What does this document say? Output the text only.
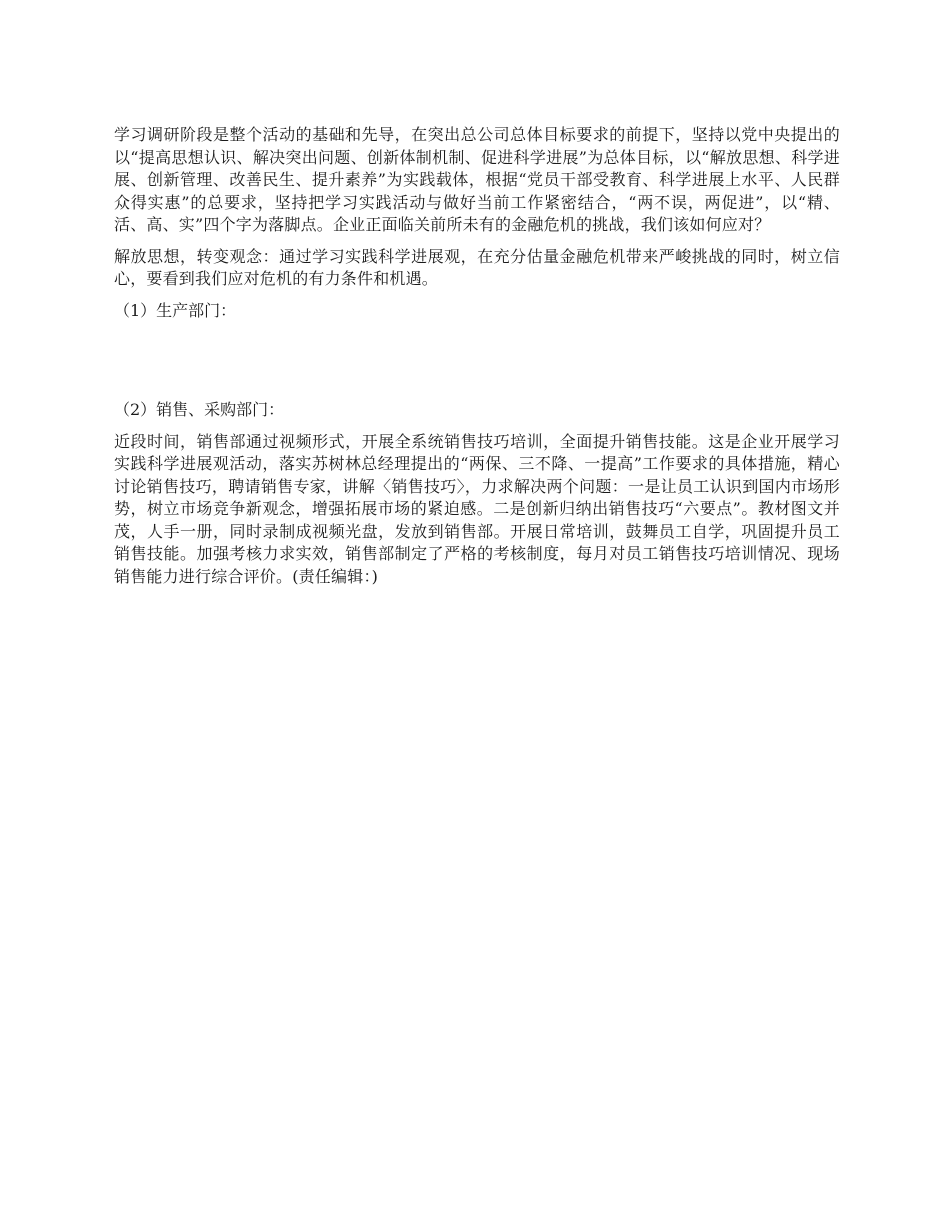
学习调研阶段是整个活动的基础和先导，在突出总公司总体目标要求的前提下，坚持以党中央提出的以“提高思想认识、解决突出问题、创新体制机制、促进科学进展”为总体目标，以“解放思想、科学进展、创新管理、改善民生、提升素养”为实践载体，根据“党员干部受教育、科学进展上水平、人民群众得实惠”的总要求，坚持把学习实践活动与做好当前工作紧密结合，“两不误，两促进”，以“精、活、高、实”四个字为落脚点。企业正面临关前所未有的金融危机的挑战，我们该如何应对？

解放思想，转变观念：通过学习实践科学进展观，在充分估量金融危机带来严峻挑战的同时，树立信心，要看到我们应对危机的有力条件和机遇。

（1）生产部门：

（2）销售、采购部门：

近段时间，销售部通过视频形式，开展全系统销售技巧培训，全面提升销售技能。这是企业开展学习实践科学进展观活动，落实苏树林总经理提出的“两保、三不降、一提高”工作要求的具体措施，精心讨论销售技巧，聘请销售专家，讲解〈销售技巧〉，力求解决两个问题：一是让员工认识到国内市场形势，树立市场竞争新观念，增强拓展市场的紧迫感。二是创新归纳出销售技巧“六要点”。教材图文并茂，人手一册，同时录制成视频光盘，发放到销售部。开展日常培训，鼓舞员工自学，巩固提升员工销售技能。加强考核力求实效，销售部制定了严格的考核制度，每月对员工销售技巧培训情况、现场销售能力进行综合评价。(责任编辑：)
